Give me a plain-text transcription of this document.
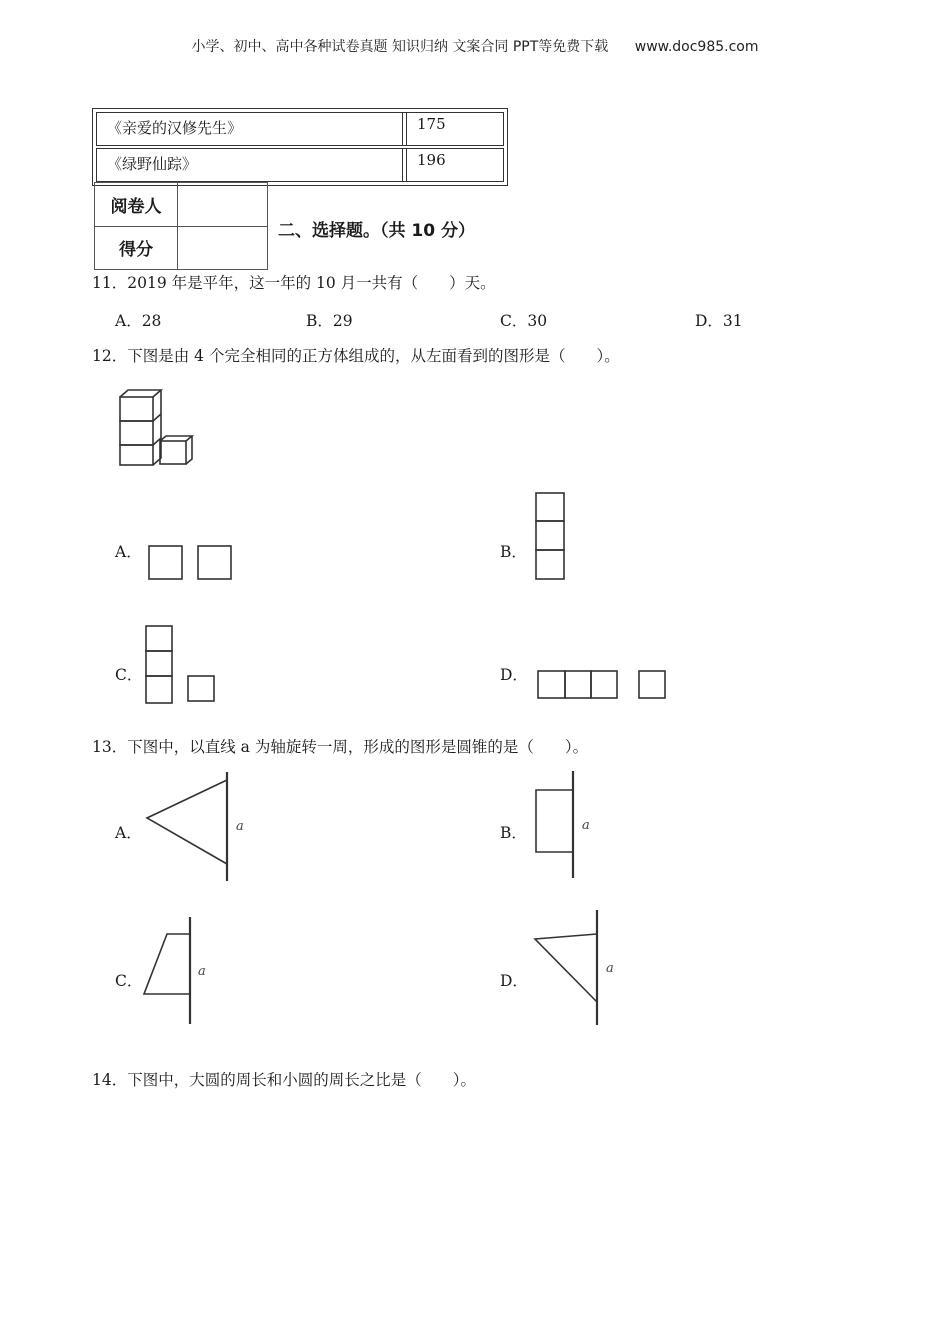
小学、初中、高中各种试卷真题 知识归纳 文案合同 PPT等免费下载 www.doc985.com
《亲爱的汉修先生》	175
《绿野仙踪》	196
阅卷人
得分
二、选择题。（共 10 分）
11．2019 年是平年，这一年的 10 月一共有（　　）天。
A．28	B．29	C．30	D．31
12．下图是由 4 个完全相同的正方体组成的，从左面看到的图形是（　　）。
A．	B．
C．	D．
13．下图中，以直线 a 为轴旋转一周，形成的图形是圆锥的是（　　）。
A．	a	B．	a
C．
a
D．
a
14．下图中，大圆的周长和小圆的周长之比是（　　）。
